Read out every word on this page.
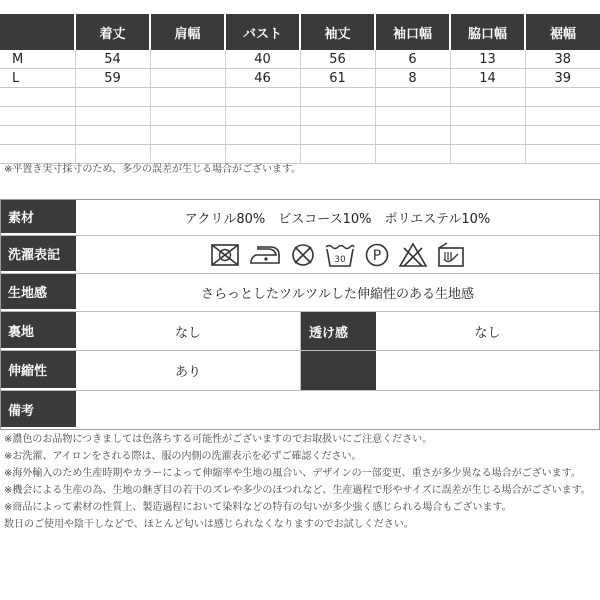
	着丈	肩幅	バスト	袖丈	袖口幅	脇口幅	裾幅
M	54		40	56	6	13	38
L	59		46	61	8	14	39

※平置き実寸採寸のため、多少の誤差が生じる場合がございます。
素材	アクリル80%　ビスコース10%　ポリエステル10%
洗濯表記	30 P
生地感	さらっとしたツルツルした伸縮性のある生地感
裏地	なし	透け感	なし
伸縮性	あり
備考
※濃色のお品物につきましては色落ちする可能性がございますのでお取扱いにご注意ください。
※お洗濯、アイロンをされる際は、服の内側の洗濯表示を必ずご確認ください。
※海外輸入のため生産時期やカラーによって伸縮率や生地の風合い、デザインの一部変更、重さが多少異なる場合がございます。
※機会による生産の為、生地の継ぎ目の若干のズレや多少のほつれなど、生産過程で形やサイズに誤差が生じる場合がございます。
※商品によって素材の性質上、製造過程において染料などの特有の匂いが多少強く感じられる場合もございます。
数日のご使用や陰干しなどで、ほとんど匂いは感じられなくなりますのでお試しください。
